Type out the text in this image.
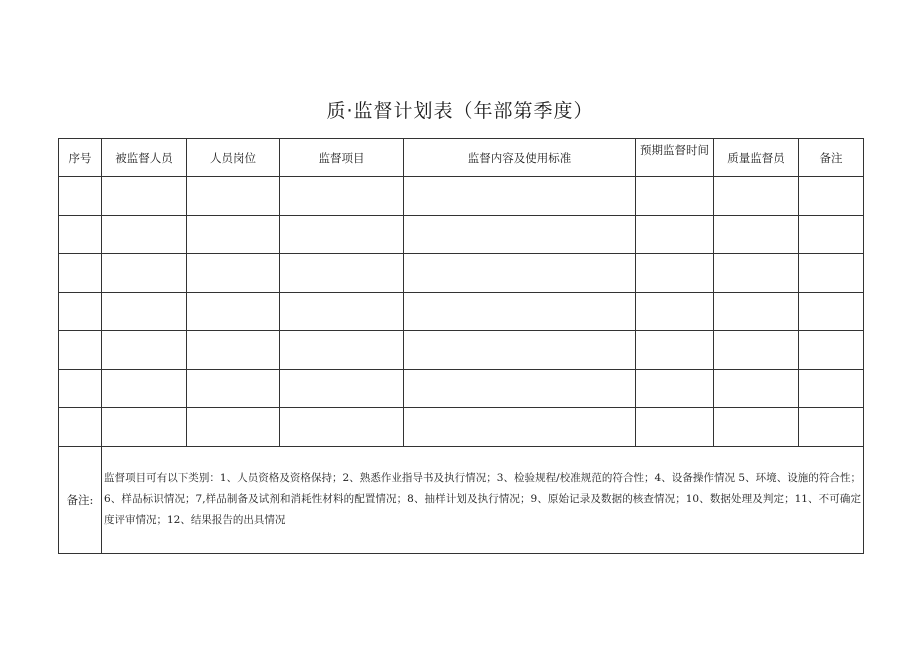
质·监督计划表（年部第季度）
序号	被监督人员	人员岗位	监督项目	监督内容及使用标准	预期监督时间	质量监督员	备注

备注:	监督项目可有以下类别：1、人员资格及资格保持；2、熟悉作业指导书及执行情况；3、检验规程/校准规范的符合性；4、设备操作情况 5、环境、设施的符合性；6、样品标识情况；7,样品制备及试剂和消耗性材料的配置情况；8、抽样计划及执行情况；9、原始记录及数据的核查情况；10、数据处理及判定；11、不可确定度评审情况；12、结果报告的出具情况						
